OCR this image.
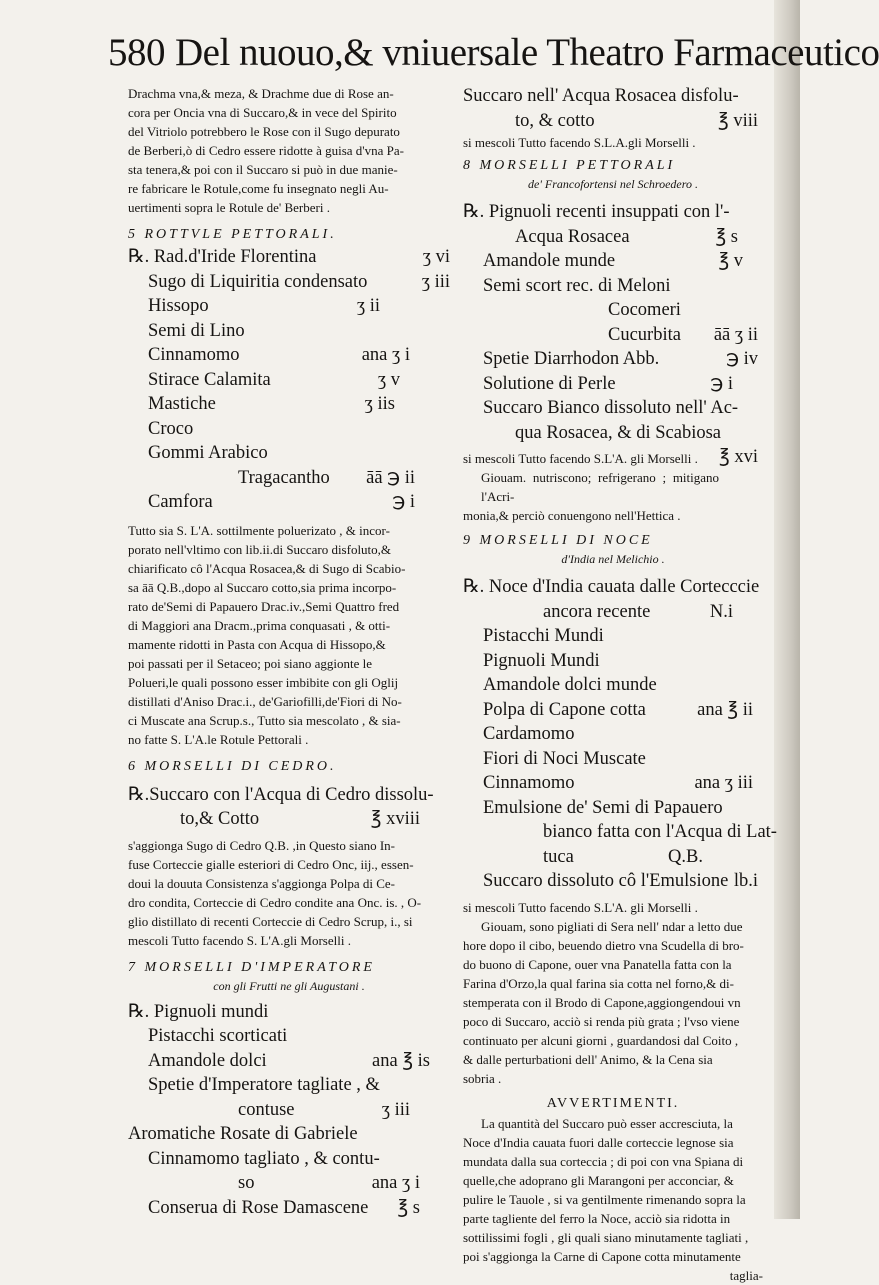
580 Del nuouo,& vniuersale Theatro Farmaceutico

Drachma vna,& meza, & Drachme due di Rose an-

cora per Oncia vna di Succaro,& in vece del Spirito

del Vitriolo potrebbero le Rose con il Sugo depurato

de Berberi,ò di Cedro essere ridotte à guisa d'vna Pa-

sta tenera,& poi con il Succaro si può in due manie-

re fabricare le Rotule,come fu insegnato negli Au-

uertimenti sopra le Rotule de' Berberi .

5 ROTTVLE PETTORALI.

℞. Rad.d'Iride Florentina	ʒ vi

Sugo di Liquiritia condensato	ʒ iii

Hissopo	ʒ ii

Semi di Lino

Cinnamomo	ana ʒ i

Stirace Calamita	ʒ v

Mastiche	ʒ iis

Croco

Gommi Arabico

Tragacantho āā ℈ ii

Camfora	℈ i

Tutto sia S. L'A. sottilmente poluerizato , & incor-

porato nell'vltimo con lib.ii.di Succaro disfoluto,&

chiarificato cô l'Acqua Rosacea,& di Sugo di Scabio-

sa āā Q.B.,dopo al Succaro cotto,sia prima incorpo-

rato de'Semi di Papauero Drac.iv.,Semi Quattro fred

di Maggiori ana Dracm.,prima conquasati , & otti-

mamente ridotti in Pasta con Acqua di Hissopo,&

poi passati per il Setaceo; poi siano aggionte le

Polueri,le quali possono esser imbibite con gli Oglij

distillati d'Aniso Drac.i., de'Gariofilli,de'Fiori di No-

ci Muscate ana Scrup.s., Tutto sia mescolato , & sia-

no fatte S. L'A.le Rotule Pettorali .

6 MORSELLI DI CEDRO.

℞.Succaro con l'Acqua di Cedro dissolu-

to,& Cotto	℥ xviii

s'aggionga Sugo di Cedro Q.B. ,in Questo siano In-

fuse Corteccie gialle esteriori di Cedro Onc, iij., essen-

doui la douuta Consistenza s'aggionga Polpa di Ce-

dro condita, Corteccie di Cedro condite ana Onc. is. , O-

glio distillato di recenti Corteccie di Cedro Scrup, i., si

mescoli Tutto facendo S. L'A.gli Morselli .

7 MORSELLI D'IMPERATORE
con gli Frutti ne gli Augustani .

℞. Pignuoli mundi

Pistacchi scorticati

Amandole dolci	ana ℥ is

Spetie d'Imperatore tagliate , &

contuse	ʒ iii

Aromatiche Rosate di Gabriele

Cinnamomo tagliato , & contu-

so	ana ʒ i

Conserua di Rose Damascene ℥ s

Succaro nell' Acqua Rosacea disfolu-

to, & cotto	℥ viii

si mescoli Tutto facendo S.L.A.gli Morselli .

8 MORSELLI PETTORALI
de' Francofortensi nel Schroedero .

℞. Pignuoli recenti insuppati con l'-

Acqua Rosacea	℥ s

Amandole munde	℥ v

Semi scort rec. di Meloni

Cocomeri

Cucurbita āā ʒ ii

Spetie Diarrhodon Abb.	℈ iv

Solutione di Perle	℈ i

Succaro Bianco dissoluto nell' Ac-

qua Rosacea, & di Scabiosa
℥ xvi

si mescoli Tutto facendo S.L'A. gli Morselli .

Giouam. nutriscono; refrigerano ; mitigano l'Acri-

monia,& perciò conuengono nell'Hettica .

9 MORSELLI DI NOCE
d'India nel Melichio .

℞. Noce d'India cauata dalle Cortecccie

ancora recente	N.i

Pistacchi Mundi

Pignuoli Mundi

Amandole dolci munde

Polpa di Capone cotta	ana ℥ ii

Cardamomo

Fiori di Noci Muscate

Cinnamomo	ana ʒ iii

Emulsione de' Semi di Papauero

bianco fatta con l'Acqua di Lat-

tuca	Q.B.

Succaro dissoluto cô l'Emulsione lb.i

si mescoli Tutto facendo S.L'A. gli Morselli .

Giouam, sono pigliati di Sera nell' ndar a letto due

hore dopo il cibo, beuendo dietro vna Scudella di bro-

do buono di Capone, ouer vna Panatella fatta con la

Farina d'Orzo,la qual farina sia cotta nel forno,& di-

stemperata con il Brodo di Capone,aggiongendoui vn

poco di Succaro, acciò si renda più grata ; l'vso viene

continuato per alcuni giorni , guardandosi dal Coito ,

& dalle perturbationi dell' Animo, & la Cena sia

sobria .

AVVERTIMENTI.

La quantità del Succaro può esser accresciuta, la

Noce d'India cauata fuori dalle corteccie legnose sia

mundata dalla sua corteccia ; di poi con vna Spiana di

quelle,che adoprano gli Marangoni per acconciar, &

pulire le Tauole , si va gentilmente rimenando sopra la

parte tagliente del ferro la Noce, acciò sia ridotta in

sottilissimi fogli , gli quali siano minutamente tagliati ,

poi s'aggionga la Carne di Capone cotta minutamente

taglia-
